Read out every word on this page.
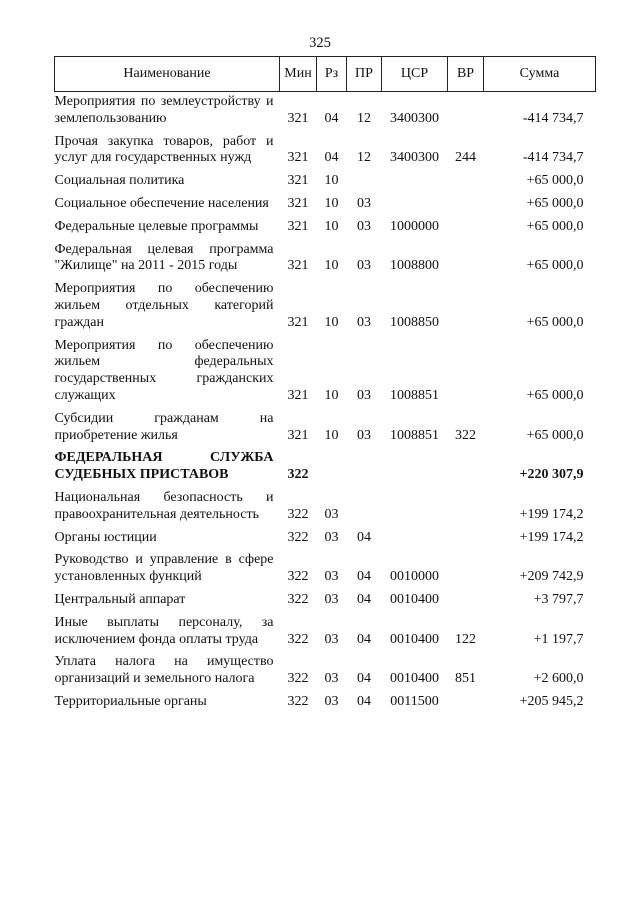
325
Наименование	Мин	Рз	ПР	ЦСР	ВР	Сумма
Мероприятия по землеустройству и землепользованию	321	04	12	3400300		-414 734,7
Прочая закупка товаров, работ и услуг для государственных нужд	321	04	12	3400300	244	-414 734,7
Социальная политика	321	10				+65 000,0
Социальное обеспечение населения	321	10	03			+65 000,0
Федеральные целевые программы	321	10	03	1000000		+65 000,0
Федеральная целевая программа "Жилище" на 2011 - 2015 годы	321	10	03	1008800		+65 000,0
Мероприятия по обеспечению жильем отдельных категорий граждан	321	10	03	1008850		+65 000,0
Мероприятия по обеспечению жильем федеральных государственных гражданских служащих	321	10	03	1008851		+65 000,0
Субсидии гражданам на приобретение жилья	321	10	03	1008851	322	+65 000,0
ФЕДЕРАЛЬНАЯ СЛУЖБА СУДЕБНЫХ ПРИСТАВОВ	322					+220 307,9
Национальная безопасность и правоохранительная деятельность	322	03				+199 174,2
Органы юстиции	322	03	04			+199 174,2
Руководство и управление в сфере установленных функций	322	03	04	0010000		+209 742,9
Центральный аппарат	322	03	04	0010400		+3 797,7
Иные выплаты персоналу, за исключением фонда оплаты труда	322	03	04	0010400	122	+1 197,7
Уплата налога на имущество организаций и земельного налога	322	03	04	0010400	851	+2 600,0
Территориальные органы	322	03	04	0011500		+205 945,2
